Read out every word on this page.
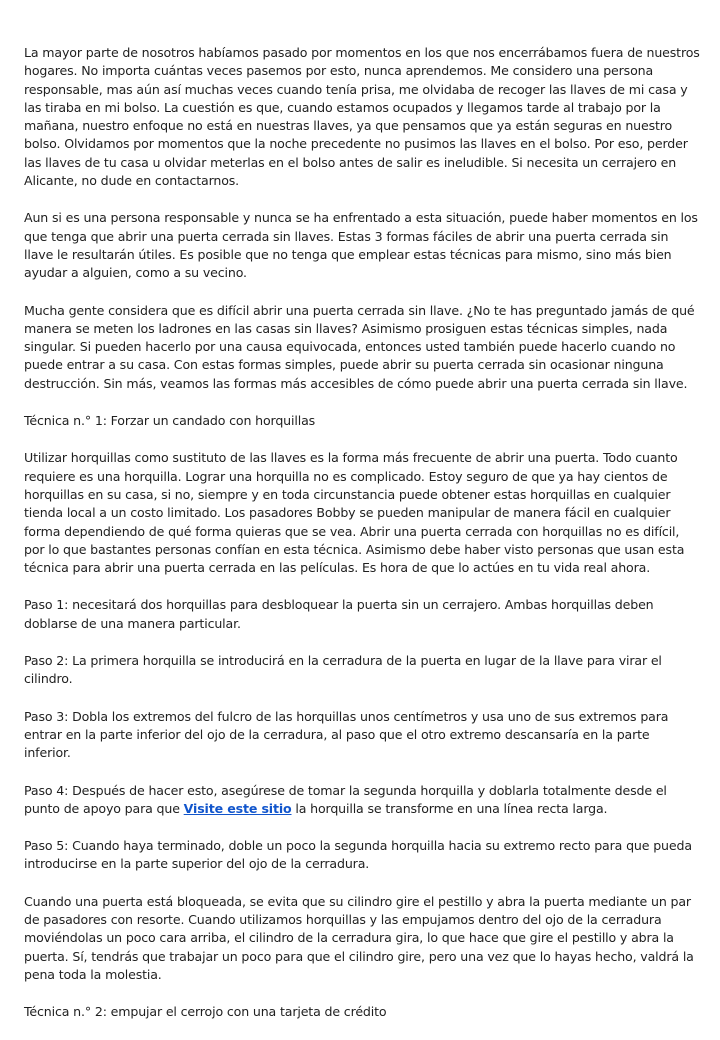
La mayor parte de nosotros habíamos pasado por momentos en los que nos encerrábamos fuera de nuestros hogares. No importa cuántas veces pasemos por esto, nunca aprendemos. Me considero una persona responsable, mas aún así muchas veces cuando tenía prisa, me olvidaba de recoger las llaves de mi casa y las tiraba en mi bolso. La cuestión es que, cuando estamos ocupados y llegamos tarde al trabajo por la mañana, nuestro enfoque no está en nuestras llaves, ya que pensamos que ya están seguras en nuestro bolso. Olvidamos por momentos que la noche precedente no pusimos las llaves en el bolso. Por eso, perder las llaves de tu casa u olvidar meterlas en el bolso antes de salir es ineludible. Si necesita un cerrajero en Alicante, no dude en contactarnos.

Aun si es una persona responsable y nunca se ha enfrentado a esta situación, puede haber momentos en los que tenga que abrir una puerta cerrada sin llaves. Estas 3 formas fáciles de abrir una puerta cerrada sin llave le resultarán útiles. Es posible que no tenga que emplear estas técnicas para mismo, sino más bien ayudar a alguien, como a su vecino.

Mucha gente considera que es difícil abrir una puerta cerrada sin llave. ¿No te has preguntado jamás de qué manera se meten los ladrones en las casas sin llaves? Asimismo prosiguen estas técnicas simples, nada singular. Si pueden hacerlo por una causa equivocada, entonces usted también puede hacerlo cuando no puede entrar a su casa. Con estas formas simples, puede abrir su puerta cerrada sin ocasionar ninguna destrucción. Sin más, veamos las formas más accesibles de cómo puede abrir una puerta cerrada sin llave.

Técnica n.° 1: Forzar un candado con horquillas

Utilizar horquillas como sustituto de las llaves es la forma más frecuente de abrir una puerta. Todo cuanto requiere es una horquilla. Lograr una horquilla no es complicado. Estoy seguro de que ya hay cientos de horquillas en su casa, si no, siempre y en toda circunstancia puede obtener estas horquillas en cualquier tienda local a un costo limitado. Los pasadores Bobby se pueden manipular de manera fácil en cualquier forma dependiendo de qué forma quieras que se vea. Abrir una puerta cerrada con horquillas no es difícil, por lo que bastantes personas confían en esta técnica. Asimismo debe haber visto personas que usan esta técnica para abrir una puerta cerrada en las películas. Es hora de que lo actúes en tu vida real ahora.

Paso 1: necesitará dos horquillas para desbloquear la puerta sin un cerrajero. Ambas horquillas deben doblarse de una manera particular.

Paso 2: La primera horquilla se introducirá en la cerradura de la puerta en lugar de la llave para virar el cilindro.

Paso 3: Dobla los extremos del fulcro de las horquillas unos centímetros y usa uno de sus extremos para entrar en la parte inferior del ojo de la cerradura, al paso que el otro extremo descansaría en la parte inferior.

Paso 4: Después de hacer esto, asegúrese de tomar la segunda horquilla y doblarla totalmente desde el punto de apoyo para que Visite este sitio la horquilla se transforme en una línea recta larga.

Paso 5: Cuando haya terminado, doble un poco la segunda horquilla hacia su extremo recto para que pueda introducirse en la parte superior del ojo de la cerradura.

Cuando una puerta está bloqueada, se evita que su cilindro gire el pestillo y abra la puerta mediante un par de pasadores con resorte. Cuando utilizamos horquillas y las empujamos dentro del ojo de la cerradura moviéndolas un poco cara arriba, el cilindro de la cerradura gira, lo que hace que gire el pestillo y abra la puerta. Sí, tendrás que trabajar un poco para que el cilindro gire, pero una vez que lo hayas hecho, valdrá la pena toda la molestia.

Técnica n.° 2: empujar el cerrojo con una tarjeta de crédito
